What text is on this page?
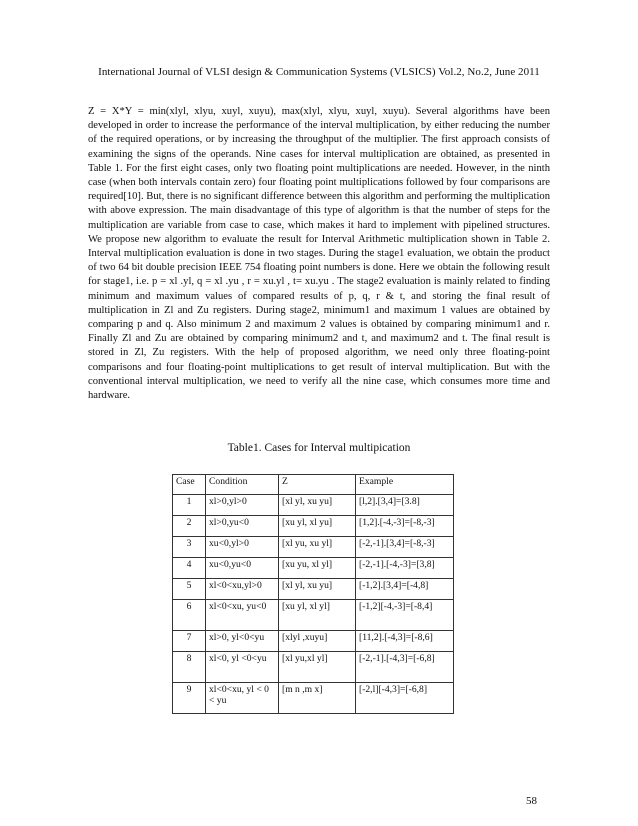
International Journal of VLSI design & Communication Systems (VLSICS) Vol.2, No.2, June 2011

Z = X*Y = min(xlyl, xlyu, xuyl, xuyu), max(xlyl, xlyu, xuyl, xuyu). Several algorithms have been developed in order to increase the performance of the interval multiplication, by either reducing the number of the required operations, or by increasing the throughput of the multiplier. The first approach consists of examining the signs of the operands. Nine cases for interval multiplication are obtained, as presented in Table 1. For the first eight cases, only two floating point multiplications are needed. However, in the ninth case (when both intervals contain zero) four floating point multiplications followed by four comparisons are required[10]. But, there is no significant difference between this algorithm and performing the multiplication with above expression. The main disadvantage of this type of algorithm is that the number of steps for the multiplication are variable from case to case, which makes it hard to implement with pipelined structures. We propose new algorithm to evaluate the result for Interval Arithmetic multiplication shown in Table 2. Interval multiplication evaluation is done in two stages. During the stage1 evaluation, we obtain the product of two 64 bit double precision IEEE 754 floating point numbers is done. Here we obtain the following result for stage1, i.e. p = xl .yl, q = xl .yu , r = xu.yl , t= xu.yu . The stage2 evaluation is mainly related to finding minimum and maximum values of compared results of p, q, r & t, and storing the final result of multiplication in Zl and Zu registers. During stage2, minimum1 and maximum 1 values are obtained by comparing p and q. Also minimum 2 and maximum 2 values is obtained by comparing minimum1 and r. Finally Zl and Zu are obtained by comparing minimum2 and t, and maximum2 and t. The final result is stored in Zl, Zu registers. With the help of proposed algorithm, we need only three floating-point comparisons and four floating-point multiplications to get result of interval multiplication. But with the conventional interval multiplication, we need to verify all the nine case, which consumes more time and hardware.

Table1. Cases for Interval multipication
Case	Condition	Z	Example
1	xl>0,yl>0	[xl yl, xu yu]	[l,2].[3,4]=[3.8]
2	xl>0,yu<0	[xu yl, xl yu]	[1,2].[-4,-3]=[-8,-3]
3	xu<0,yl>0	[xl yu, xu yl]	[-2,-1].[3,4]=[-8,-3]
4	xu<0,yu<0	[xu yu, xl yl]	[-2,-1].[-4,-3]=[3,8]
5	xl<0<xu,yl>0	[xl yl, xu yu]	[-1,2].[3,4]=[-4,8]
6	xl<0<xu, yu<0	[xu yl, xl yl]	[-1,2][-4,-3]=[-8,4]
7	xl>0, yl<0<yu	[xlyl ,xuyu]	[11,2].[-4,3]=[-8,6]
8	xl<0, yl <0<yu	[xl yu,xl yl]	[-2,-1].[-4,3]=[-6,8]
9	xl<0<xu, yl < 0 < yu	[m n ,m x]	[-2,l][-4,3]=[-6,8]
58
